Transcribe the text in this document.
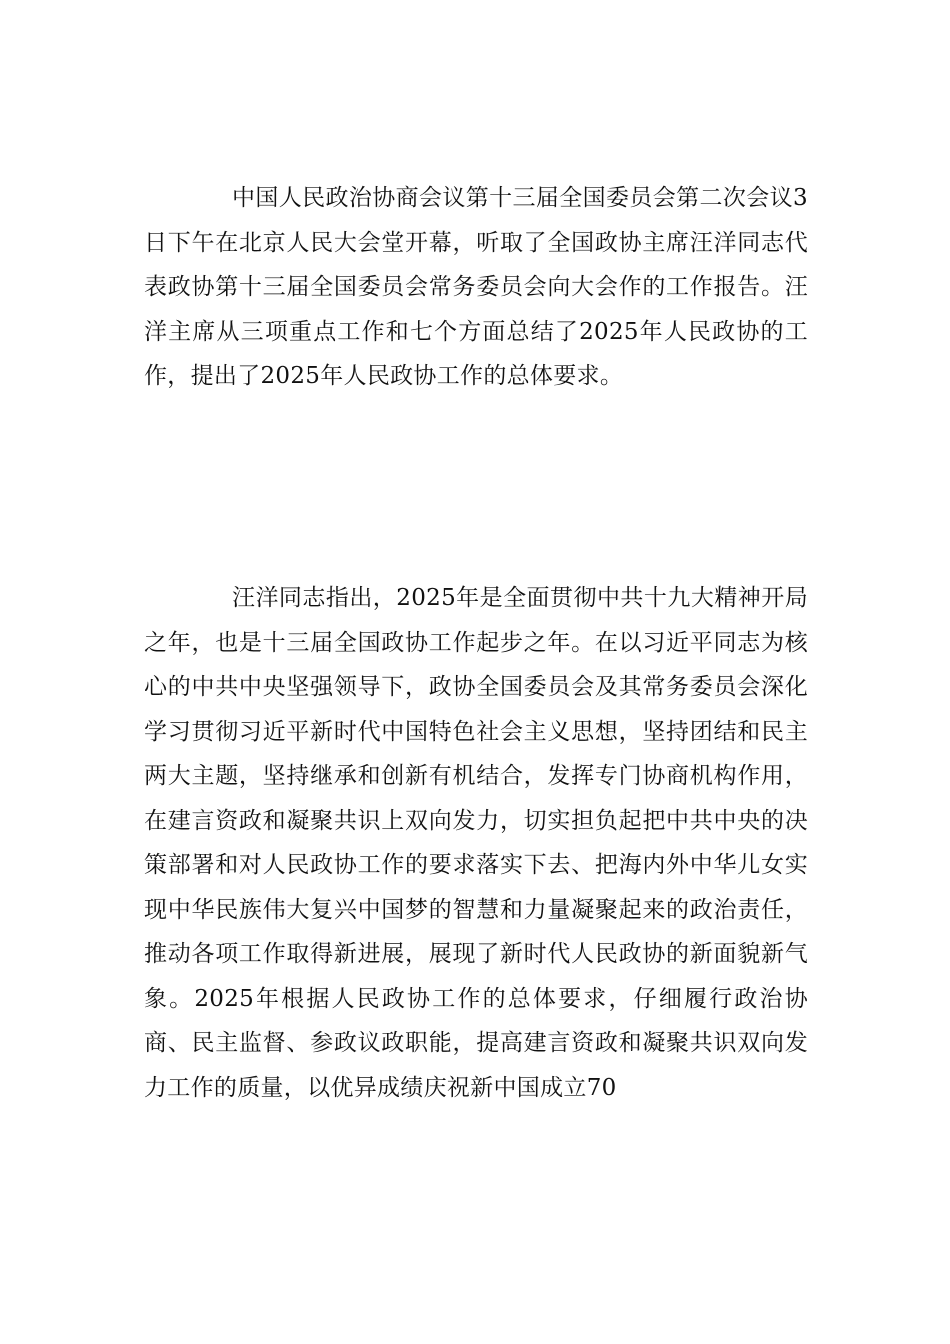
中国人民政治协商会议第十三届全国委员会第二次会议3日下午在北京人民大会堂开幕，听取了全国政协主席汪洋同志代表政协第十三届全国委员会常务委员会向大会作的工作报告。汪洋主席从三项重点工作和七个方面总结了2025年人民政协的工作，提出了2025年人民政协工作的总体要求。

汪洋同志指出，2025年是全面贯彻中共十九大精神开局之年，也是十三届全国政协工作起步之年。在以习近平同志为核心的中共中央坚强领导下，政协全国委员会及其常务委员会深化学习贯彻习近平新时代中国特色社会主义思想，坚持团结和民主两大主题，坚持继承和创新有机结合，发挥专门协商机构作用，在建言资政和凝聚共识上双向发力，切实担负起把中共中央的决策部署和对人民政协工作的要求落实下去、把海内外中华儿女实现中华民族伟大复兴中国梦的智慧和力量凝聚起来的政治责任，推动各项工作取得新进展，展现了新时代人民政协的新面貌新气象。2025年根据人民政协工作的总体要求，仔细履行政治协商、民主监督、参政议政职能，提高建言资政和凝聚共识双向发力工作的质量，以优异成绩庆祝新中国成立70
